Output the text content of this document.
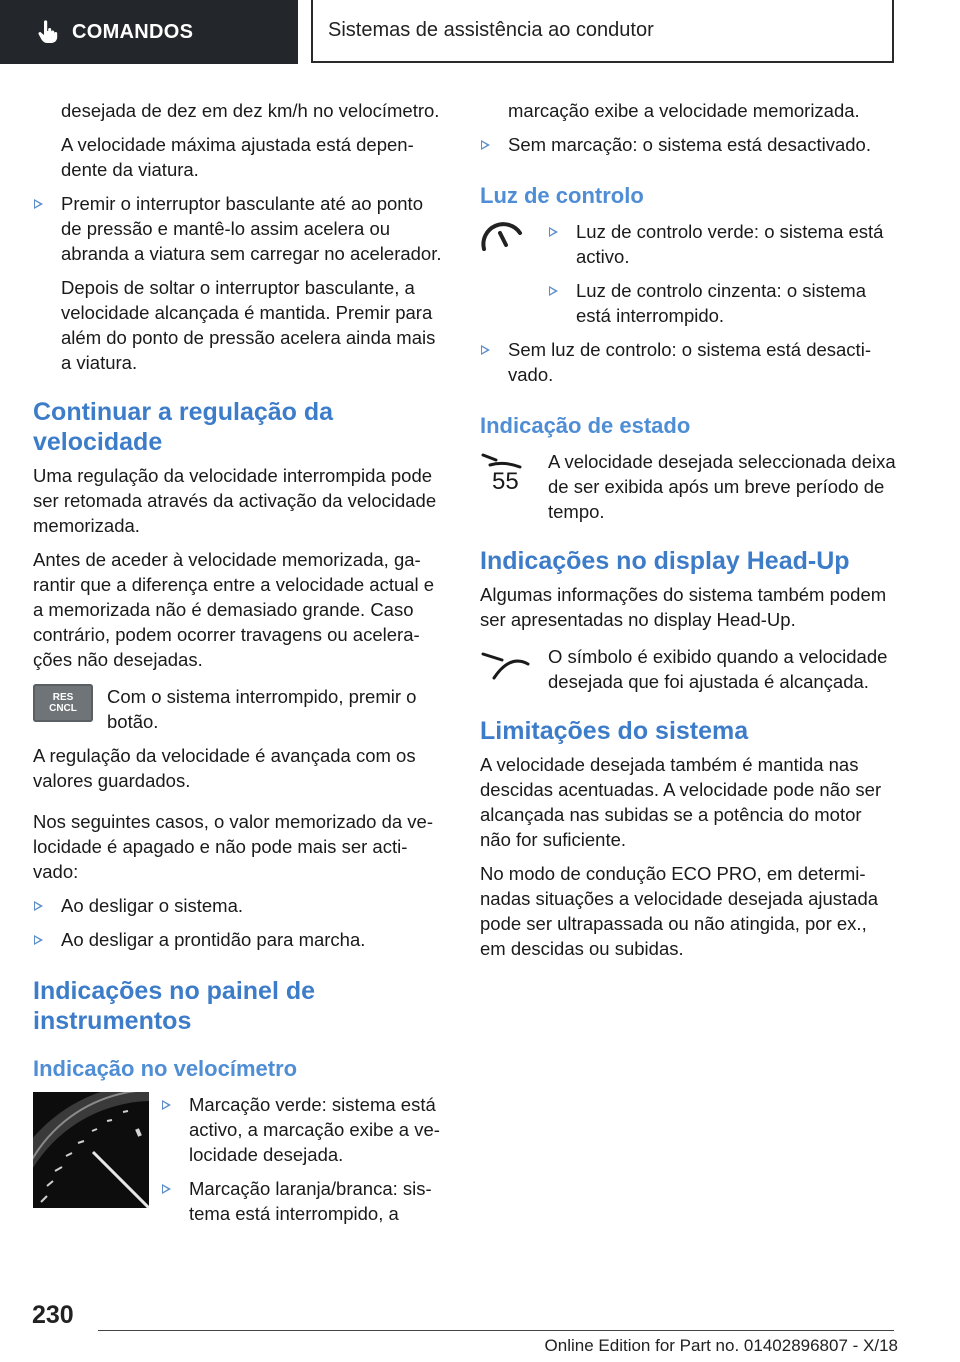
COMANDOS	Sistemas de assistência ao condutor

desejada de dez em dez km/h no velocímetro.

A velocidade máxima ajustada está dependente da viatura.

Premir o interruptor basculante até ao ponto de pressão e mantê-lo assim acelera ou abranda a viatura sem carregar no acelerador.

Depois de soltar o interruptor basculante, a velocidade alcançada é mantida. Premir para além do ponto de pressão acelera ainda mais a viatura.

Continuar a regulação da velocidade

Uma regulação da velocidade interrompida pode ser retomada através da activação da velocidade memorizada.

Antes de aceder à velocidade memorizada, garantir que a diferença entre a velocidade actual e a memorizada não é demasiado grande. Caso contrário, podem ocorrer travagens ou acelerações não desejadas.

RES
CNCL

Com o sistema interrompido, premir o botão.

A regulação da velocidade é avançada com os valores guardados.

Nos seguintes casos, o valor memorizado da velocidade é apagado e não pode mais ser activado:

Ao desligar o sistema.
Ao desligar a prontidão para marcha.
Indicações no painel de instrumentos
Indicação no velocímetro
Marcação verde: sistema está activo, a marcação exibe a velocidade desejada.
Marcação laranja/branca: sistema está interrompido, a

marcação exibe a velocidade memorizada.

Sem marcação: o sistema está desactivado.
Luz de controlo
Luz de controlo verde: o sistema está activo.
Luz de controlo cinzenta: o sistema está interrompido.
Sem luz de controlo: o sistema está desactivado.
Indicação de estado
55

A velocidade desejada seleccionada deixa de ser exibida após um breve período de tempo.

Indicações no display Head-Up

Algumas informações do sistema também podem ser apresentadas no display Head-Up.

O símbolo é exibido quando a velocidade desejada que foi ajustada é alcançada.

Limitações do sistema

A velocidade desejada também é mantida nas descidas acentuadas. A velocidade pode não ser alcançada nas subidas se a potência do motor não for suficiente.

No modo de condução ECO PRO, em determinadas situações a velocidade desejada ajustada pode ser ultrapassada ou não atingida, por ex., em descidas ou subidas.

230
Online Edition for Part no. 01402896807 - X/18
